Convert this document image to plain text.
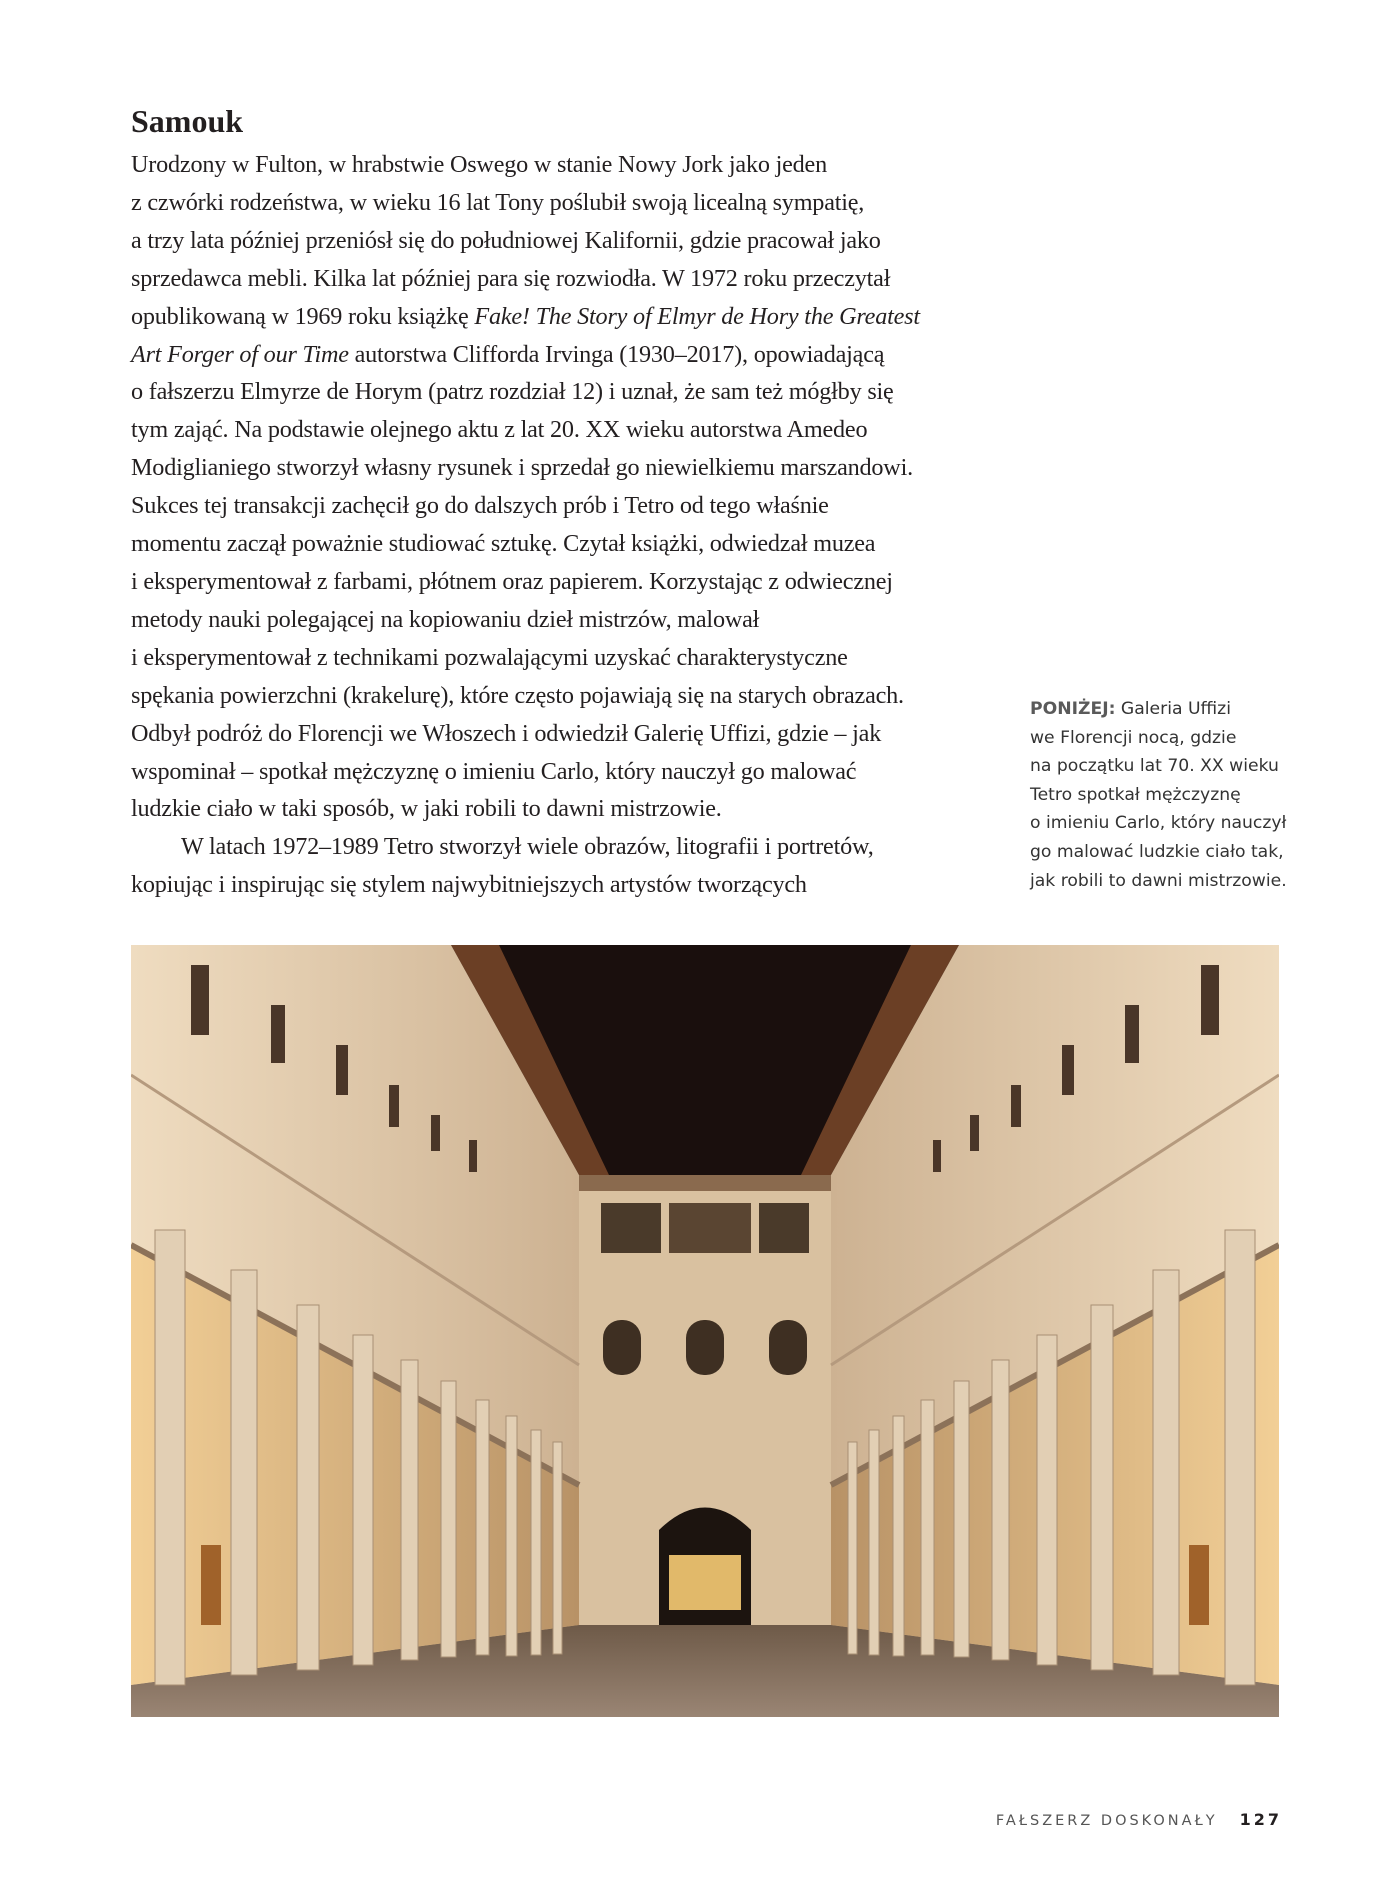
Samouk
Urodzony w Fulton, w hrabstwie Oswego w stanie Nowy Jork jako jeden
z czwórki rodzeństwa, w wieku 16 lat Tony poślubił swoją licealną sympatię,
a trzy lata później przeniósł się do południowej Kalifornii, gdzie pracował jako
sprzedawca mebli. Kilka lat później para się rozwiodła. W 1972 roku przeczytał
opublikowaną w 1969 roku książkę Fake! The Story of Elmyr de Hory the Greatest
Art Forger of our Time autorstwa Clifforda Irvinga (1930–2017), opowiadającą
o fałszerzu Elmyrze de Horym (patrz rozdział 12) i uznał, że sam też mógłby się
tym zająć. Na podstawie olejnego aktu z lat 20. XX wieku autorstwa Amedeo
Modiglianiego stworzył własny rysunek i sprzedał go niewielkiemu marszandowi.
Sukces tej transakcji zachęcił go do dalszych prób i Tetro od tego właśnie
momentu zaczął poważnie studiować sztukę. Czytał książki, odwiedzał muzea
i eksperymentował z farbami, płótnem oraz papierem. Korzystając z odwiecznej
metody nauki polegającej na kopiowaniu dzieł mistrzów, malował
i eksperymentował z technikami pozwalającymi uzyskać charakterystyczne
spękania powierzchni (krakelurę), które często pojawiają się na starych obrazach.
Odbył podróż do Florencji we Włoszech i odwiedził Galerię Uffizi, gdzie – jak
wspominał – spotkał mężczyznę o imieniu Carlo, który nauczył go malować
ludzkie ciało w taki sposób, w jaki robili to dawni mistrzowie.
W latach 1972–1989 Tetro stworzył wiele obrazów, litografii i portretów,
kopiując i inspirując się stylem najwybitniejszych artystów tworzących
PONIŻEJ: Galeria Uffizi
we Florencji nocą, gdzie
na początku lat 70. XX wieku
Tetro spotkał mężczyznę
o imieniu Carlo, który nauczył
go malować ludzkie ciało tak,
jak robili to dawni mistrzowie.
FAŁSZERZ DOSKONAŁY 127
